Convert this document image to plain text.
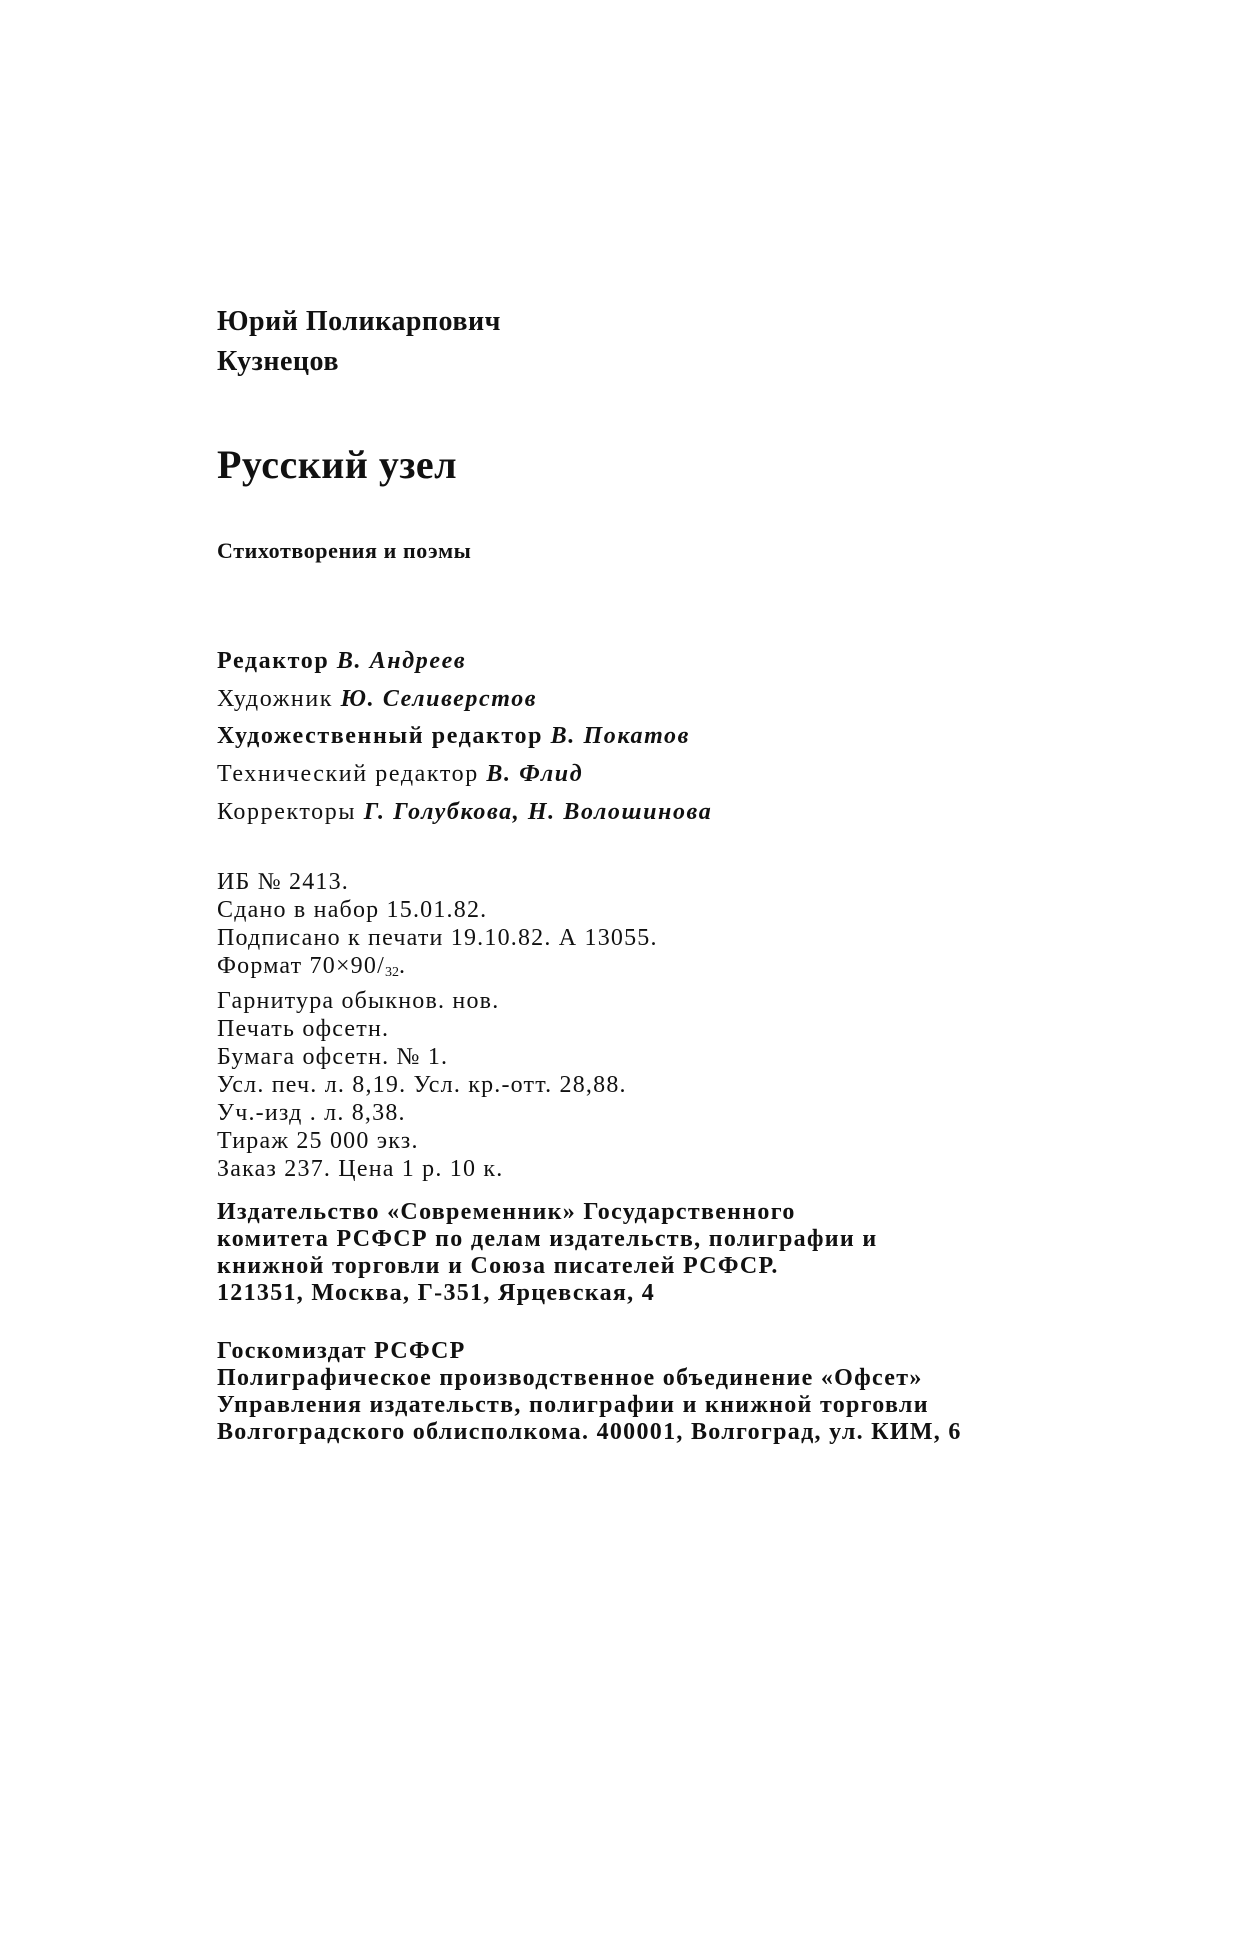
Юрий Поликарпович
Кузнецов
Русский узел
Стихотворения и поэмы
Редактор В. Андреев
Художник Ю. Селиверстов
Художественный редактор В. Покатов
Технический редактор В. Флид
Корректоры Г. Голубкова, Н. Волошинова
ИБ № 2413.
Сдано в набор 15.01.82.
Подписано к печати 19.10.82. А 13055.
Формат 70×90/32.
Гарнитура обыкнов. нов.
Печать офсетн.
Бумага офсетн. № 1.
Усл. печ. л. 8,19. Усл. кр.-отт. 28,88.
Уч.-изд . л. 8,38.
Тираж 25 000 экз.
Заказ 237. Цена 1 р. 10 к.
Издательство «Современник» Государственного
комитета РСФСР по делам издательств, полиграфии и
книжной торговли и Союза писателей РСФСР.
121351, Москва, Г-351, Ярцевская, 4
Госкомиздат РСФСР
Полиграфическое производственное объединение «Офсет»
Управления издательств, полиграфии и книжной торговли
Волгоградского облисполкома. 400001, Волгоград, ул. КИМ, 6
